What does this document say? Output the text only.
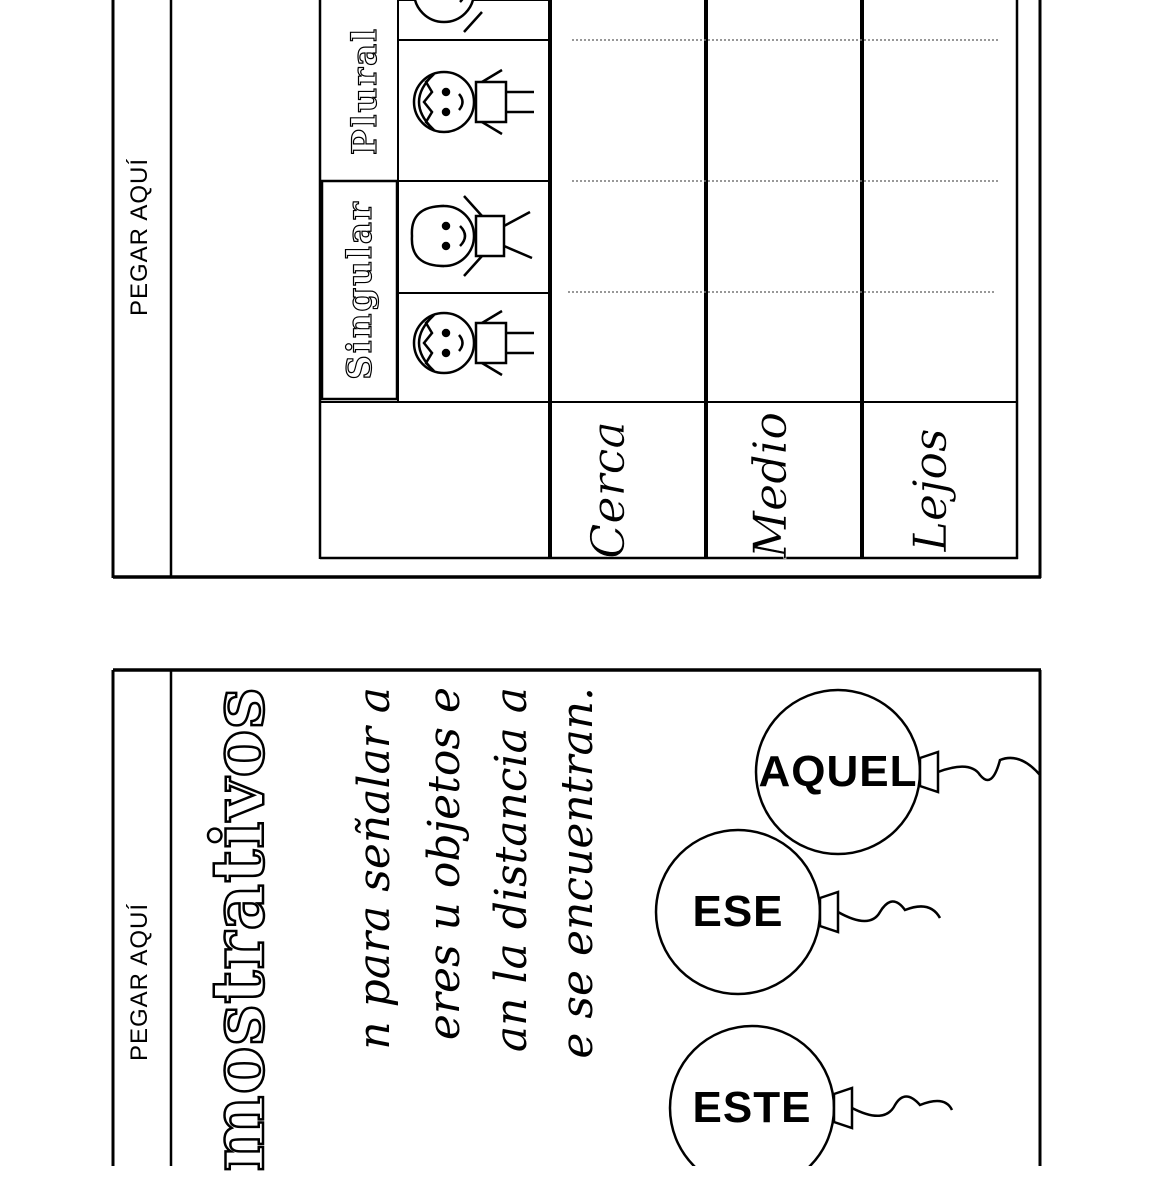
PEGAR AQUÍ	Singular
Plural
Cerca Medio Lejos
PEGAR AQUÍ mostrativos n para señalar a eres u objetos e an la distancia a e se encuentran.
ESTE
ESE
AQUEL
